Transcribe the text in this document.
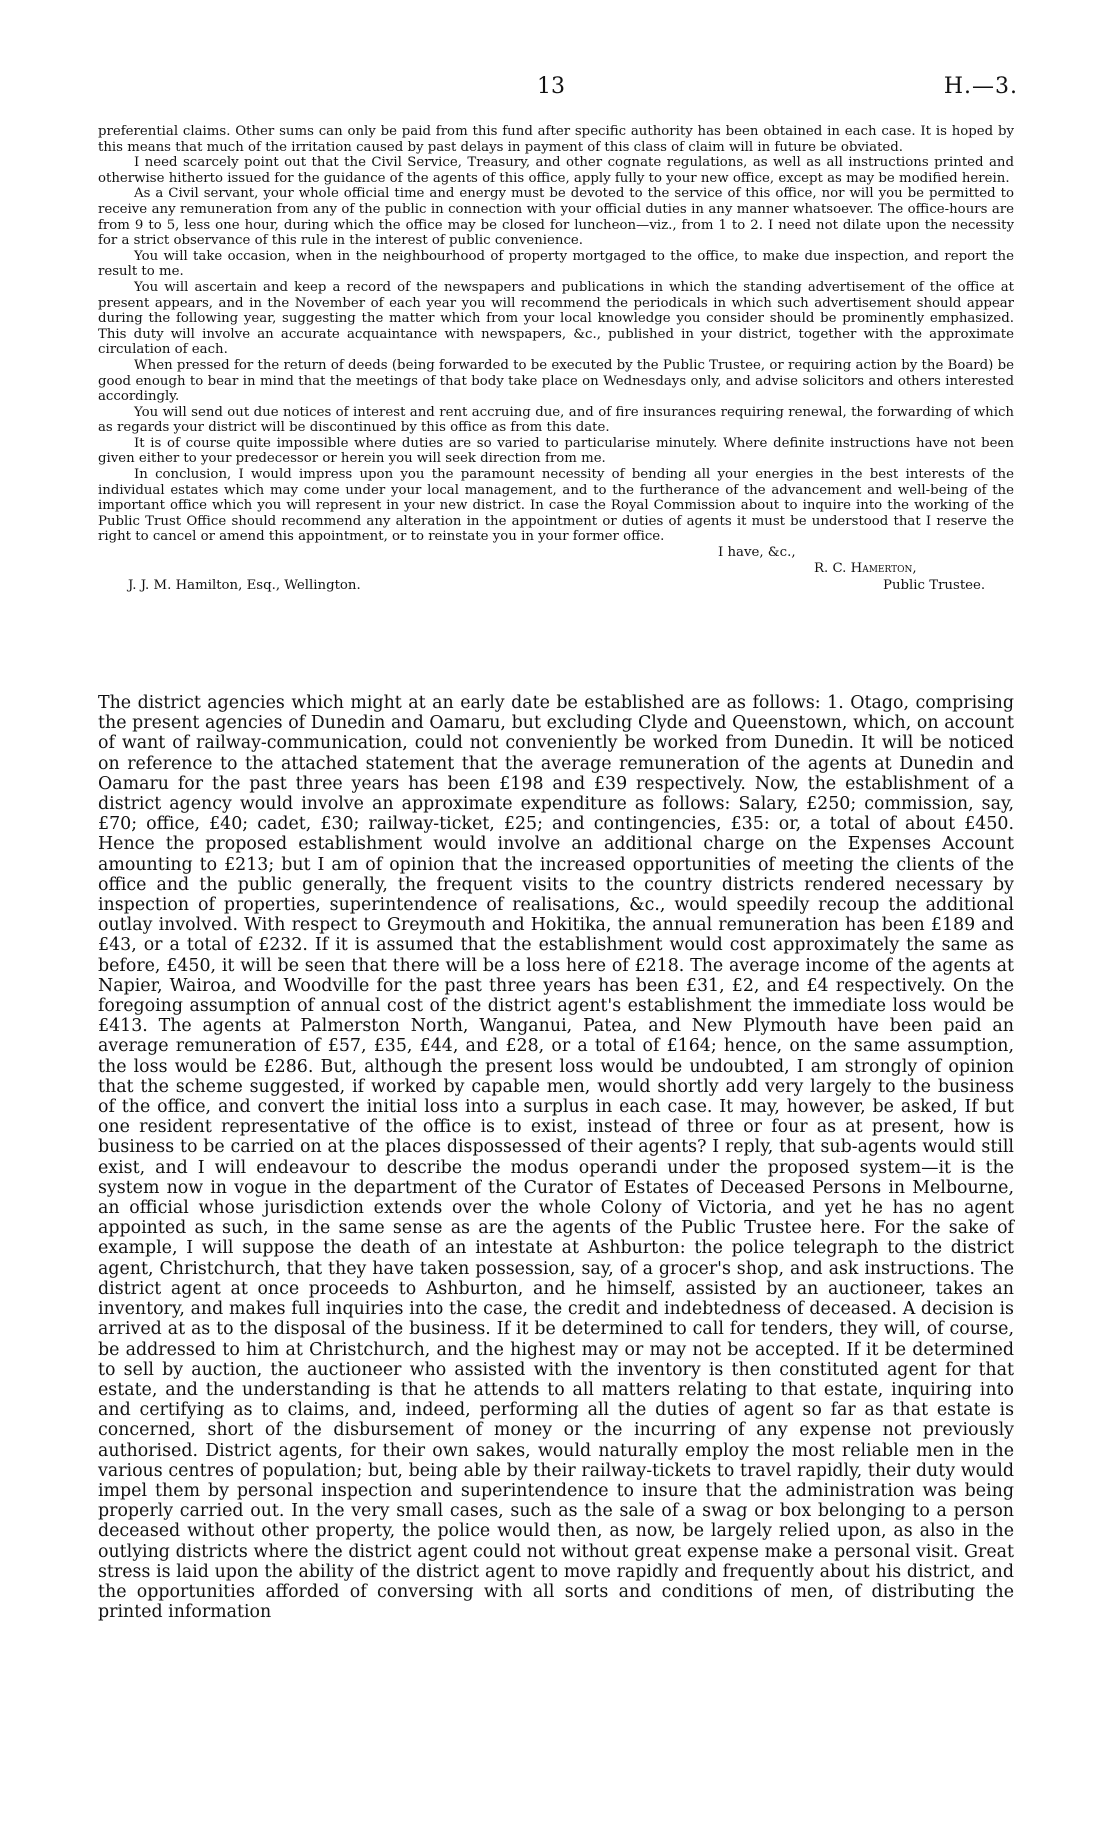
13	H.—3.

preferential claims. Other sums can only be paid from this fund after specific authority has been obtained in each case. It is hoped by this means that much of the irritation caused by past delays in payment of this class of claim will in future be obviated.

I need scarcely point out that the Civil Service, Treasury, and other cognate regulations, as well as all instructions printed and otherwise hitherto issued for the guidance of the agents of this office, apply fully to your new office, except as may be modified herein.

As a Civil servant, your whole official time and energy must be devoted to the service of this office, nor will you be permitted to receive any remuneration from any of the public in connection with your official duties in any manner whatsoever. The office-hours are from 9 to 5, less one hour, during which the office may be closed for luncheon—viz., from 1 to 2. I need not dilate upon the necessity for a strict observance of this rule in the interest of public convenience.

You will take occasion, when in the neighbourhood of property mortgaged to the office, to make due inspection, and report the result to me.

You will ascertain and keep a record of the newspapers and publications in which the standing advertisement of the office at present appears, and in the November of each year you will recommend the periodicals in which such advertisement should appear during the following year, suggesting the matter which from your local knowledge you consider should be prominently emphasized. This duty will involve an accurate acquaintance with newspapers, &c., published in your district, together with the approximate circulation of each.

When pressed for the return of deeds (being forwarded to be executed by the Public Trustee, or requiring action by the Board) be good enough to bear in mind that the meetings of that body take place on Wednesdays only, and advise solicitors and others interested accordingly.

You will send out due notices of interest and rent accruing due, and of fire insurances requiring renewal, the forwarding of which as regards your district will be discontinued by this office as from this date.

It is of course quite impossible where duties are so varied to particularise minutely. Where definite instructions have not been given either to your predecessor or herein you will seek direction from me.

In conclusion, I would impress upon you the paramount necessity of bending all your energies in the best interests of the individual estates which may come under your local management, and to the furtherance of the advancement and well-being of the important office which you will represent in your new district. In case the Royal Commission about to inquire into the working of the Public Trust Office should recommend any alteration in the appointment or duties of agents it must be understood that I reserve the right to cancel or amend this appointment, or to reinstate you in your former office.

I have, &c.,
R. C. Hamerton,
J. J. M. Hamilton, Esq., Wellington.	Public Trustee.

The district agencies which might at an early date be established are as follows: 1. Otago, comprising the present agencies of Dunedin and Oamaru, but excluding Clyde and Queenstown, which, on account of want of railway-communication, could not conveniently be worked from Dunedin. It will be noticed on reference to the attached statement that the average remuneration of the agents at Dunedin and Oamaru for the past three years has been £198 and £39 respectively. Now, the establishment of a district agency would involve an approximate expenditure as follows: Salary, £250; commission, say, £70; office, £40; cadet, £30; railway-ticket, £25; and contingencies, £35: or, a total of about £450. Hence the proposed establishment would involve an additional charge on the Expenses Account amounting to £213; but I am of opinion that the increased opportunities of meeting the clients of the office and the public generally, the frequent visits to the country districts rendered necessary by inspection of properties, superintendence of realisations, &c., would speedily recoup the additional outlay involved. With respect to Greymouth and Hokitika, the annual remuneration has been £189 and £43, or a total of £232. If it is assumed that the establishment would cost approximately the same as before, £450, it will be seen that there will be a loss here of £218. The average income of the agents at Napier, Wairoa, and Woodville for the past three years has been £31, £2, and £4 respectively. On the foregoing assumption of annual cost of the district agent's establishment the immediate loss would be £413. The agents at Palmerston North, Wanganui, Patea, and New Plymouth have been paid an average remuneration of £57, £35, £44, and £28, or a total of £164; hence, on the same assumption, the loss would be £286. But, although the present loss would be undoubted, I am strongly of opinion that the scheme suggested, if worked by capable men, would shortly add very largely to the business of the office, and convert the initial loss into a surplus in each case. It may, however, be asked, If but one resident representative of the office is to exist, instead of three or four as at present, how is business to be carried on at the places dispossessed of their agents? I reply, that sub-agents would still exist, and I will endeavour to describe the modus operandi under the proposed system—it is the system now in vogue in the department of the Curator of Estates of Deceased Persons in Melbourne, an official whose jurisdiction extends over the whole Colony of Victoria, and yet he has no agent appointed as such, in the same sense as are the agents of the Public Trustee here. For the sake of example, I will suppose the death of an intestate at Ashburton: the police telegraph to the district agent, Christchurch, that they have taken possession, say, of a grocer's shop, and ask instructions. The district agent at once proceeds to Ashburton, and he himself, assisted by an auctioneer, takes an inventory, and makes full inquiries into the case, the credit and indebtedness of deceased. A decision is arrived at as to the disposal of the business. If it be determined to call for tenders, they will, of course, be addressed to him at Christchurch, and the highest may or may not be accepted. If it be determined to sell by auction, the auctioneer who assisted with the inventory is then constituted agent for that estate, and the understanding is that he attends to all matters relating to that estate, inquiring into and certifying as to claims, and, indeed, performing all the duties of agent so far as that estate is concerned, short of the disbursement of money or the incurring of any expense not previously authorised. District agents, for their own sakes, would naturally employ the most reliable men in the various centres of population; but, being able by their railway-tickets to travel rapidly, their duty would impel them by personal inspection and superintendence to insure that the administration was being properly carried out. In the very small cases, such as the sale of a swag or box belonging to a person deceased without other property, the police would then, as now, be largely relied upon, as also in the outlying districts where the district agent could not without great expense make a personal visit. Great stress is laid upon the ability of the district agent to move rapidly and frequently about his district, and the opportunities afforded of conversing with all sorts and conditions of men, of distributing the printed information
